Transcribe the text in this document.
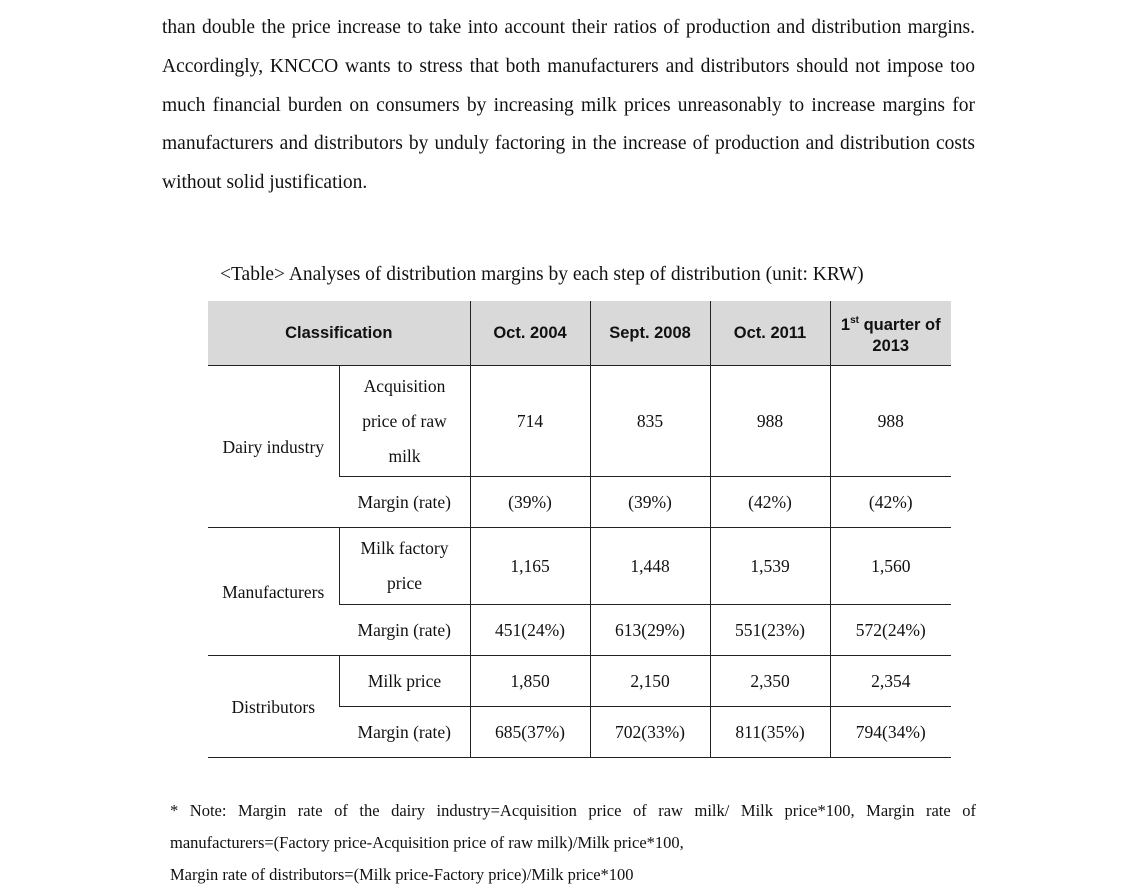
than double the price increase to take into account their ratios of production and distribution margins. Accordingly, KNCCO wants to stress that both manufacturers and distributors should not impose too much financial burden on consumers by increasing milk prices unreasonably to increase margins for manufacturers and distributors by unduly factoring in the increase of production and distribution costs without solid justification.

<Table> Analyses of distribution margins by each step of distribution (unit: KRW)

Classification		Oct. 2004	Sept. 2008	Oct. 2011	1st quarter of 2013
Dairy industry	Acquisition price of raw milk	714	835	988	988
	Margin (rate)	(39%)	(39%)	(42%)	(42%)
Manufacturers	Milk factory price	1,165	1,448	1,539	1,560
	Margin (rate)	451(24%)	613(29%)	551(23%)	572(24%)
Distributors	Milk price	1,850	2,150	2,350	2,354
	Margin (rate)	685(37%)	702(33%)	811(35%)	794(34%)
* Note: Margin rate of the dairy industry=Acquisition price of raw milk/ Milk price*100, Margin rate of
manufacturers=(Factory price-Acquisition price of raw milk)/Milk price*100,
Margin rate of distributors=(Milk price-Factory price)/Milk price*100
